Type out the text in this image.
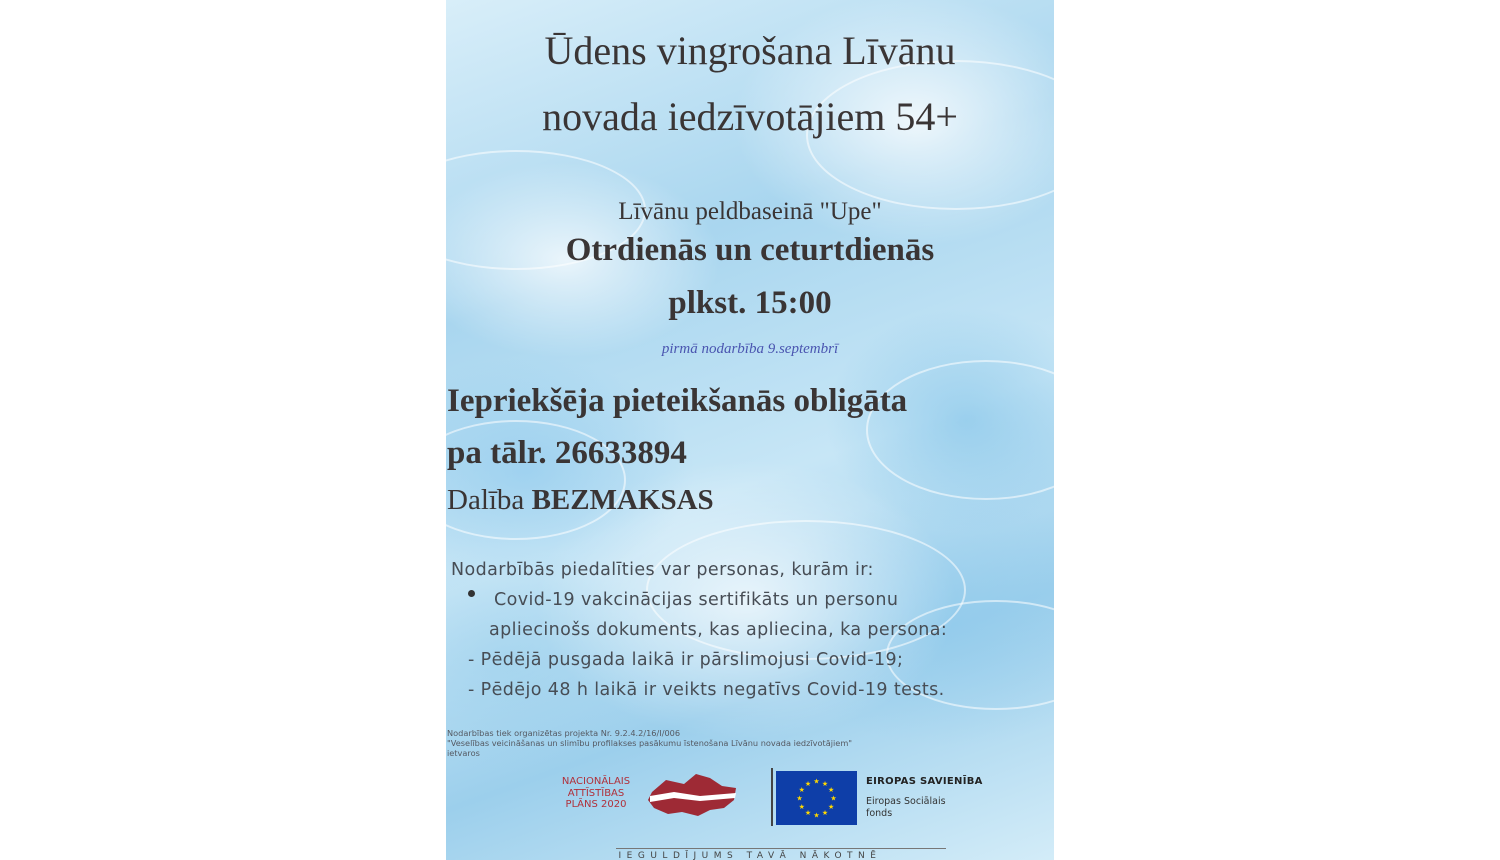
Ūdens vingrošana Līvānu
novada iedzīvotājiem 54+
Līvānu peldbaseinā "Upe"
Otrdienās un ceturtdienās
plkst. 15:00
pirmā nodarbība 9.septembrī
Iepriekšēja pieteikšanās obligāta
pa tālr. 26633894
Dalība BEZMAKSAS
Nodarbībās piedalīties var personas, kurām ir:
Covid-19 vakcinācijas sertifikāts un personu
apliecinošs dokuments, kas apliecina, ka persona:
- Pēdējā pusgada laikā ir pārslimojusi Covid-19;
- Pēdējo 48 h laikā ir veikts negatīvs Covid-19 tests.
Nodarbības tiek organizētas projekta Nr. 9.2.4.2/16/I/006
"Veselības veicināšanas un slimību profilakses pasākumu īstenošana Līvānu novada iedzīvotājiem"
ietvaros
NACIONĀLAIS
ATTĪSTĪBAS
PLĀNS 2020
★ ★
★
★
★
★
★
★
★
★
★
★	EIROPAS SAVIENĪBA
Eiropas Sociālais
fonds
IEGULDĪJUMS TAVĀ NĀKOTNĒ
